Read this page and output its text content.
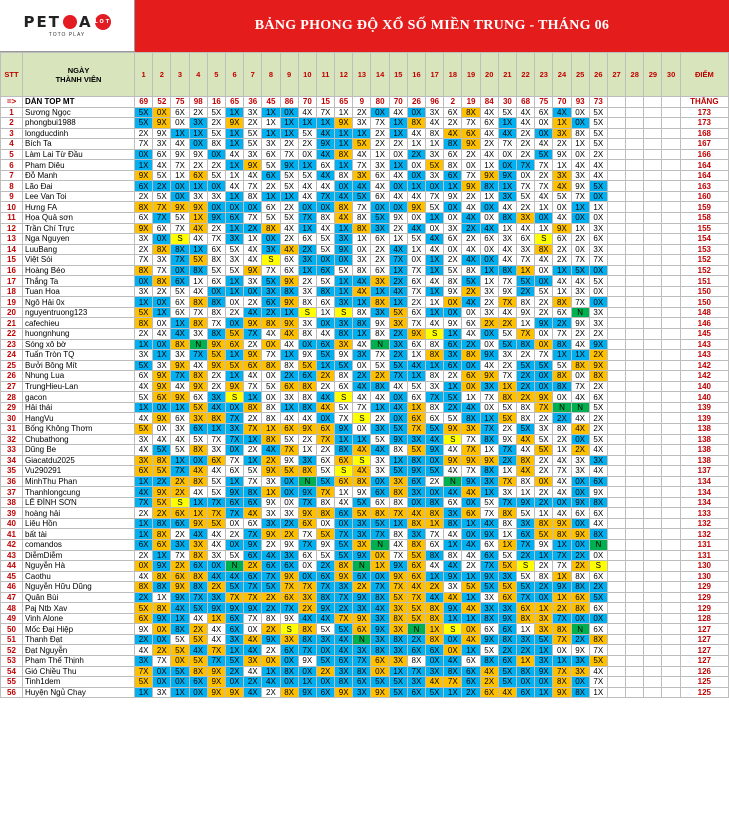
PET A LOTTO
TOTO PLAY
BẢNG PHONG ĐỘ XỔ SỐ MIỀN TRUNG - THÁNG 06
STT	NGÀY
THÀNH VIÊN	1	2	3	4	5	6	7	8	9	10	11	12	13	14	15	16	17	18	19	20	21	22	23	24	25	26	27	28	29	30	ĐIỂM
=>	DÀN TOP MT	69	52	75	98	16	65	36	45	86	70	15	65	9	80	70	26	96	2	19	84	30	68	75	70	93	73					THẮNG
1	Sương Ngọc	5X	0X	6X	2X	5X	1X	3X	1X	0X	4X	7X	1X	2X	0X	4X	0X	3X	6X	8X	4X	5X	4X	6X	4X	0X	5X					173
2	phongbui1988	5X	9X	0X	3X	2X	9X	2X	1X	1X	1X	1X	9X	3X	7X	1X	8X	4X	2X	7X	6X	1X	4X	0X	1X	0X	5X					173
3	longducdinh	2X	9X	1X	1X	5X	1X	5X	1X	1X	5X	4X	1X	1X	2X	1X	4X	8X	4X	6X	4X	4X	2X	0X	3X	8X	5X					168
4	Bích Ta	7X	3X	4X	0X	8X	1X	5X	3X	2X	2X	9X	1X	5X	2X	2X	1X	1X	8X	9X	2X	7X	2X	4X	2X	1X	5X					167
5	Làm Lai Từ Đầu	0X	6X	9X	9X	0X	4X	3X	6X	7X	0X	4X	8X	4X	1X	0X	2X	3X	6X	2X	4X	0X	2X	5X	9X	0X	2X					166
6	Pham Diêu	1X	4X	7X	2X	2X	1X	9X	5X	9X	1X	6X	1X	7X	3X	1X	0X	5X	8X	0X	1X	0X	7X	7X	1X	4X	4X					164
7	Đỗ Manh	9X	5X	1X	6X	5X	1X	4X	6X	5X	5X	4X	8X	3X	6X	4X	0X	3X	6X	7X	9X	9X	0X	2X	3X	3X	4X					164
8	Lão Đai	6X	2X	0X	1X	0X	4X	7X	2X	5X	4X	4X	0X	4X	4X	0X	1X	0X	1X	9X	8X	1X	7X	7X	4X	9X	5X					163
9	Lee Van Toi	2X	5X	0X	3X	3X	1X	8X	1X	1X	4X	7X	4X	5X	6X	4X	4X	7X	9X	2X	1X	3X	5X	4X	5X	7X	0X					160
10	Hưng FA	8X	7X	9X	9X	0X	0X	0X	6X	2X	0X	0X	8X	7X	0X	0X	9X	5X	0X	4X	0X	4X	2X	1X	0X	1X	1X					159
11	Họa Quả sơn	6X	7X	5X	1X	9X	6X	7X	5X	5X	7X	8X	4X	8X	5X	9X	0X	1X	0X	4X	0X	8X	3X	0X	4X	0X	0X					158
12	Trần Chí Trực	9X	6X	7X	4X	2X	1X	2X	8X	4X	1X	4X	1X	8X	3X	2X	4X	0X	3X	2X	4X	1X	4X	1X	9X	1X	3X					155
13	Nga Nguyen	3X	0X	S	4X	7X	3X	1X	0X	2X	6X	5X	3X	1X	6X	1X	5X	4X	6X	2X	6X	3X	6X	S	6X	2X	6X					154
14	LuuBang	2X	8X	8X	1X	6X	5X	4X	3X	4X	2X	5X	9X	0X	2X	4X	1X	4X	0X	4X	0X	4X	3X	8X	2X	0X	3X					153
15	Việt Sói	7X	3X	7X	5X	8X	3X	4X	S	6X	3X	0X	0X	3X	2X	7X	0X	1X	2X	4X	0X	4X	7X	4X	2X	7X	7X					152
16	Hoàng Béo	8X	7X	0X	8X	5X	5X	9X	7X	6X	1X	6X	5X	8X	6X	1X	7X	1X	5X	8X	1X	8X	1X	0X	1X	5X	0X					152
17	Thắng Ta	0X	8X	6X	1X	6X	1X	3X	5X	9X	2X	5X	1X	4X	3X	2X	6X	4X	8X	5X	1X	7X	5X	0X	4X	4X	5X					151
18	Tuan Hoa	3X	2X	5X	4X	0X	1X	0X	3X	8X	3X	8X	1X	4X	1X	4X	7X	1X	9X	2X	3X	9X	2X	5X	1X	3X	0X					150
19	Ngô Hải 0x	1X	0X	6X	8X	8X	0X	2X	6X	9X	8X	6X	3X	1X	8X	1X	2X	1X	0X	4X	2X	7X	8X	2X	8X	7X	0X					150
20	nguyentruong123	5X	1X	6X	7X	8X	2X	4X	2X	1X	S	1X	S	8X	3X	5X	6X	1X	0X	0X	3X	4X	9X	2X	6X	N	3X					148
21	cafechieu	8X	0X	1X	8X	7X	0X	9X	8X	9X	3X	0X	3X	8X	9X	3X	7X	4X	9X	6X	2X	2X	1X	9X	2X	9X	3X					146
22	huongnhung	2X	4X	4X	3X	8X	5X	7X	4X	4X	8X	4X	8X	1X	8X	2X	9X	S	1X	4X	0X	5X	7X	0X	7X	2X	2X					145
23	Sóng xô bờ	1X	0X	8X	N	9X	6X	2X	0X	4X	0X	6X	3X	4X	N	3X	6X	8X	6X	2X	0X	5X	8X	0X	8X	4X	9X					143
24	Tuấn Tròn TQ	3X	1X	3X	7X	5X	1X	9X	7X	1X	9X	5X	9X	3X	7X	2X	1X	8X	3X	8X	9X	3X	2X	7X	1X	1X	2X					143
25	Bưởi Bông Mít	5X	3X	9X	4X	9X	5X	6X	8X	8X	5X	1X	5X	0X	5X	5X	4X	1X	6X	0X	4X	2X	5X	5X	5X	8X	9X					142
26	Nhung Lua	6X	9X	7X	8X	2X	1X	4X	0X	2X	6X	2X	8X	2X	2X	7X	1X	8X	2X	6X	9X	7X	2X	0X	8X	0X	8X					142
27	TrungHieu-Lan	4X	9X	4X	9X	2X	9X	7X	5X	6X	8X	2X	6X	4X	8X	4X	5X	3X	1X	0X	3X	1X	2X	0X	8X	7X	2X					140
28	gacon	5X	6X	9X	6X	3X	S	1X	0X	3X	8X	4X	S	4X	4X	0X	6X	7X	5X	1X	7X	8X	2X	9X	0X	4X	6X					140
29	Hải thái	1X	0X	1X	5X	4X	0X	8X	8X	1X	8X	4X	5X	7X	1X	4X	1X	8X	2X	4X	0X	5X	8X	7X	N	N	5X					139
30	HangVu	4X	9X	6X	3X	8X	7X	2X	8X	4X	4X	0X	7X	S	2X	0X	6X	6X	5X	8X	1X	5X	8X	2X	2X	4X	2X					139
31	Bống Không Thơm	5X	0X	3X	6X	1X	3X	7X	1X	6X	9X	6X	9X	0X	3X	5X	7X	5X	9X	3X	7X	2X	5X	3X	8X	4X	2X					138
32	Chubathong	3X	4X	4X	5X	7X	7X	1X	8X	5X	2X	7X	1X	1X	5X	9X	3X	4X	S	7X	8X	9X	4X	5X	2X	0X	5X					138
33	Dũng Be	4X	5X	5X	8X	3X	0X	2X	4X	7X	1X	2X	8X	4X	4X	8X	5X	9X	4X	7X	1X	7X	4X	5X	1X	2X	4X					138
34	Giacatdu2025	3X	8X	1X	0X	6X	7X	1X	2X	9X	3X	6X	6X	S	3X	1X	8X	0X	9X	9X	9X	2X	8X	2X	4X	3X	3X					138
35	Vu290291	6X	5X	7X	4X	4X	6X	5X	9X	5X	8X	5X	S	4X	3X	5X	9X	5X	4X	7X	8X	1X	4X	2X	7X	3X	4X					137
36	MinhThu Phan	1X	2X	2X	8X	5X	1X	7X	3X	0X	N	5X	6X	8X	0X	3X	6X	2X	N	9X	3X	7X	8X	0X	4X	0X	6X					134
37	Thanhlongcung	4X	9X	2X	4X	5X	9X	8X	1X	0X	9X	7X	1X	9X	6X	8X	3X	0X	4X	4X	1X	3X	1X	2X	4X	0X	9X					134
38	LÊ ĐÌNH SƠN	7X	5X	S	1X	7X	6X	6X	9X	0X	7X	8X	4X	5X	6X	8X	0X	8X	6X	0X	5X	7X	9X	2X	0X	9X	8X					134
39	hoàng hải	2X	2X	6X	1X	7X	7X	4X	3X	3X	9X	8X	6X	5X	8X	7X	4X	8X	3X	6X	7X	8X	5X	1X	4X	6X	6X					133
40	Liêu Hồn	1X	8X	6X	9X	5X	0X	6X	3X	2X	6X	0X	0X	3X	5X	1X	8X	1X	8X	1X	4X	8X	3X	8X	9X	0X	4X					132
41	bất tài	1X	8X	2X	4X	4X	2X	7X	9X	2X	7X	5X	7X	3X	7X	8X	3X	7X	4X	0X	9X	1X	6X	5X	8X	9X	8X					132
42	comandos	6X	6X	3X	3X	4X	0X	9X	2X	9X	7X	9X	5X	3X	N	4X	8X	6X	1X	4X	6X	1X	7X	9X	1X	0X	N					131
43	DiễmDiễm	2X	1X	7X	8X	3X	5X	6X	4X	3X	6X	5X	5X	9X	0X	7X	5X	8X	8X	4X	6X	5X	2X	1X	7X	2X	0X					131
44	Nguyễn Hà	0X	9X	2X	6X	0X	N	2X	6X	6X	0X	2X	8X	N	1X	9X	6X	4X	4X	2X	7X	5X	S	2X	7X	2X	S					130
45	Caothu	4X	8X	6X	8X	4X	4X	6X	7X	9X	0X	6X	9X	6X	0X	9X	6X	1X	9X	1X	9X	3X	5X	8X	1X	8X	6X					130
46	Nguyễn Hữu Dũng	8X	8X	9X	8X	2X	5X	7X	5X	7X	7X	7X	3X	2X	7X	7X	4X	2X	3X	5X	5X	5X	5X	2X	9X	8X	2X					129
47	Quân Bùi	2X	1X	9X	7X	3X	7X	7X	2X	6X	3X	8X	7X	9X	8X	5X	7X	4X	4X	1X	3X	6X	7X	0X	1X	6X	5X					129
48	Paj Ntb Xav	5X	8X	4X	5X	9X	9X	9X	2X	7X	2X	9X	2X	3X	4X	3X	5X	8X	9X	4X	3X	3X	6X	1X	2X	8X	6X					129
49	Vinh Alone	6X	9X	1X	4X	1X	6X	7X	8X	9X	4X	4X	7X	9X	3X	8X	5X	8X	1X	1X	8X	9X	8X	3X	7X	0X	0X					128
50	Mốc Đại Hiệp	9X	0X	8X	2X	4X	6X	0X	2X	S	8X	5X	5X	6X	9X	3X	N	1X	S	0X	6X	6X	1X	3X	8X	N	6X					127
51	Thanh Đạt	2X	0X	5X	5X	4X	3X	4X	9X	3X	8X	3X	4X	N	3X	8X	2X	8X	0X	4X	9X	8X	3X	5X	7X	2X	8X					127
52	Đạt Nguyễn	4X	2X	5X	4X	7X	1X	4X	2X	6X	7X	0X	4X	3X	8X	3X	6X	6X	0X	1X	5X	2X	2X	1X	0X	9X	7X					127
53	Phạm Thế Thịnh	3X	7X	0X	5X	7X	5X	3X	0X	0X	9X	5X	6X	7X	6X	3X	8X	0X	4X	6X	8X	6X	1X	3X	1X	3X	5X					127
54	Gió Chiều Thu	7X	0X	5X	8X	9X	2X	4X	1X	8X	0X	2X	3X	8X	0X	1X	7X	3X	8X	6X	4X	5X	8X	9X	7X	3X	4X					126
55	Tinh1dem	5X	0X	0X	6X	9X	0X	2X	4X	0X	1X	0X	8X	6X	5X	5X	3X	4X	7X	6X	2X	5X	0X	0X	8X	0X	7X					125
56	Huyện Ngủ Chay	1X	3X	1X	0X	9X	9X	4X	2X	8X	9X	6X	9X	3X	9X	5X	6X	5X	1X	2X	6X	4X	6X	1X	9X	8X	1X					125
